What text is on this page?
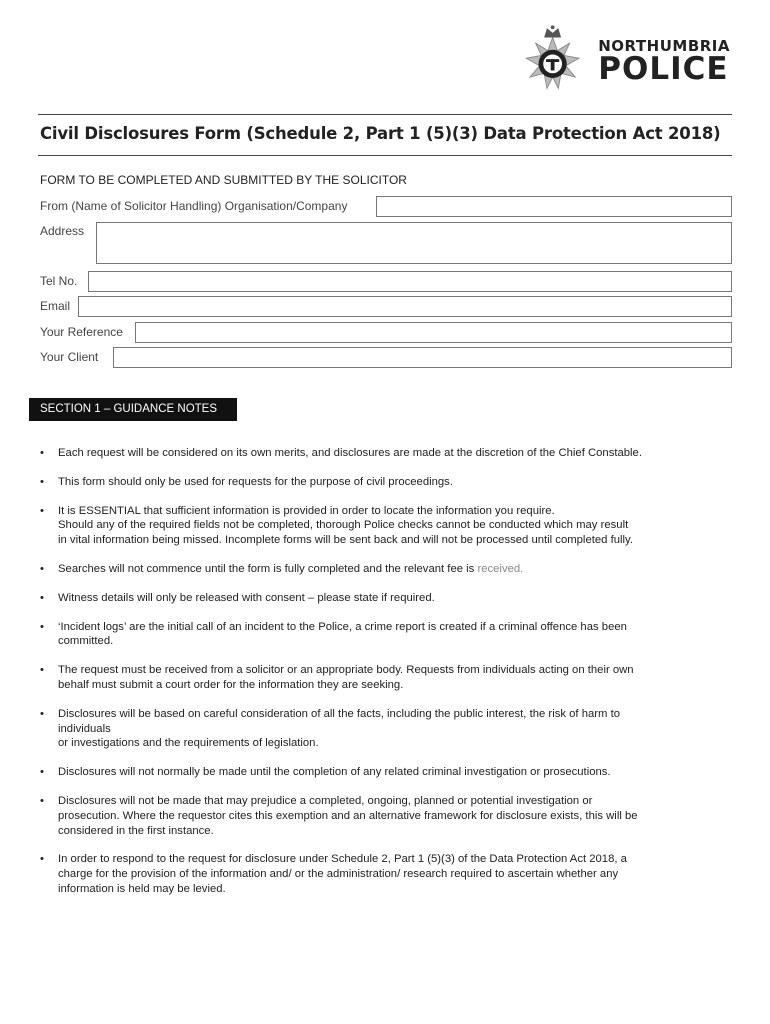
NORTHUMBRIA
POLICE
Civil Disclosures Form (Schedule 2, Part 1 (5)(3) Data Protection Act 2018)
FORM TO BE COMPLETED AND SUBMITTED BY THE SOLICITOR
From (Name of Solicitor Handling) Organisation/Company
Address
Tel No.
Email
Your Reference
Your Client
SECTION 1 – GUIDANCE NOTES
•	Each request will be considered on its own merits, and disclosures are made at the discretion of the Chief Constable.
•	This form should only be used for requests for the purpose of civil proceedings.
•	It is ESSENTIAL that sufficient information is provided in order to locate the information you require.
Should any of the required fields not be completed, thorough Police checks cannot be conducted which may result
in vital information being missed. Incomplete forms will be sent back and will not be processed until completed fully.
•	Searches will not commence until the form is fully completed and the relevant fee is received.
•	Witness details will only be released with consent – please state if required.
•	‘Incident logs’ are the initial call of an incident to the Police, a crime report is created if a criminal offence has been
committed.
•	The request must be received from a solicitor or an appropriate body. Requests from individuals acting on their own
behalf must submit a court order for the information they are seeking.
•	Disclosures will be based on careful consideration of all the facts, including the public interest, the risk of harm to
individuals
or investigations and the requirements of legislation.
•	Disclosures will not normally be made until the completion of any related criminal investigation or prosecutions.
•	Disclosures will not be made that may prejudice a completed, ongoing, planned or potential investigation or
prosecution. Where the requestor cites this exemption and an alternative framework for disclosure exists, this will be
considered in the first instance.
•	In order to respond to the request for disclosure under Schedule 2, Part 1 (5)(3) of the Data Protection Act 2018, a
charge for the provision of the information and/ or the administration/ research required to ascertain whether any
information is held may be levied.
